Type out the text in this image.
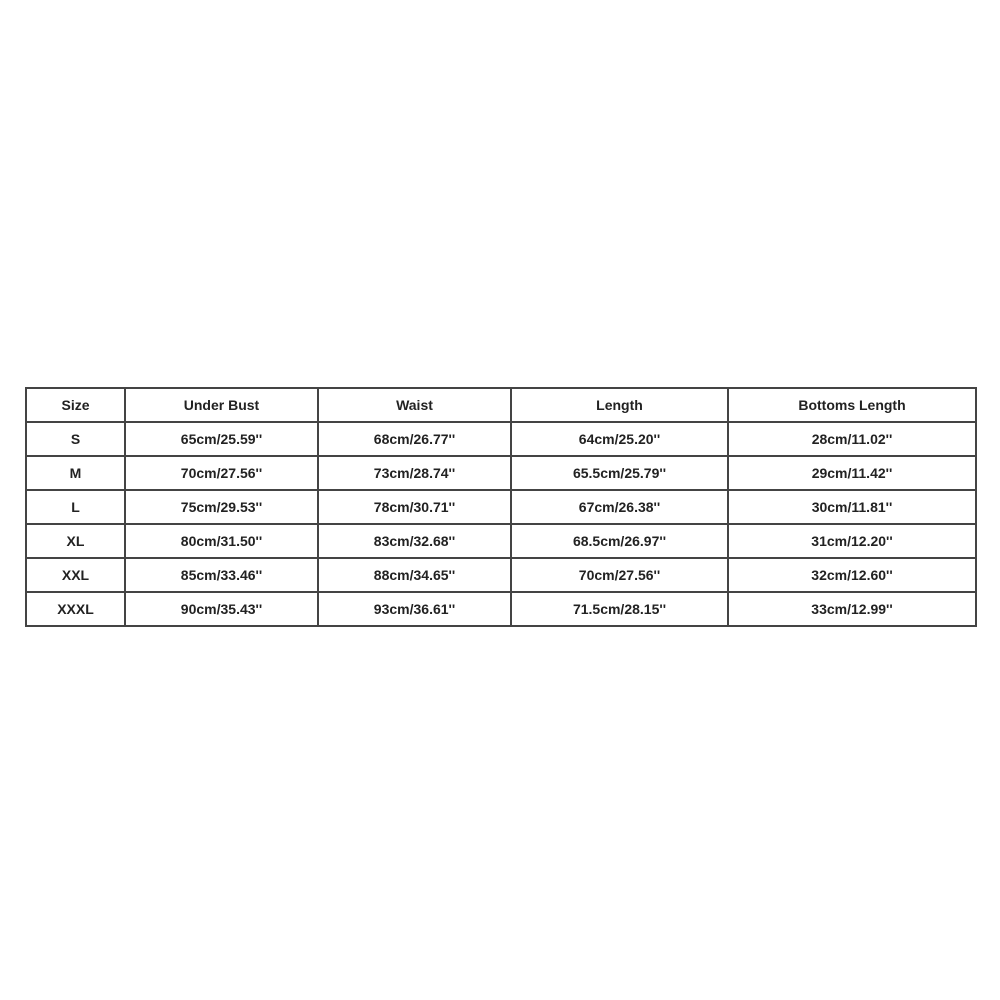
Size	Under Bust	Waist	Length	Bottoms Length
S	65cm/25.59''	68cm/26.77''	64cm/25.20''	28cm/11.02''
M	70cm/27.56''	73cm/28.74''	65.5cm/25.79''	29cm/11.42''
L	75cm/29.53''	78cm/30.71''	67cm/26.38''	30cm/11.81''
XL	80cm/31.50''	83cm/32.68''	68.5cm/26.97''	31cm/12.20''
XXL	85cm/33.46''	88cm/34.65''	70cm/27.56''	32cm/12.60''
XXXL	90cm/35.43''	93cm/36.61''	71.5cm/28.15''	33cm/12.99''
